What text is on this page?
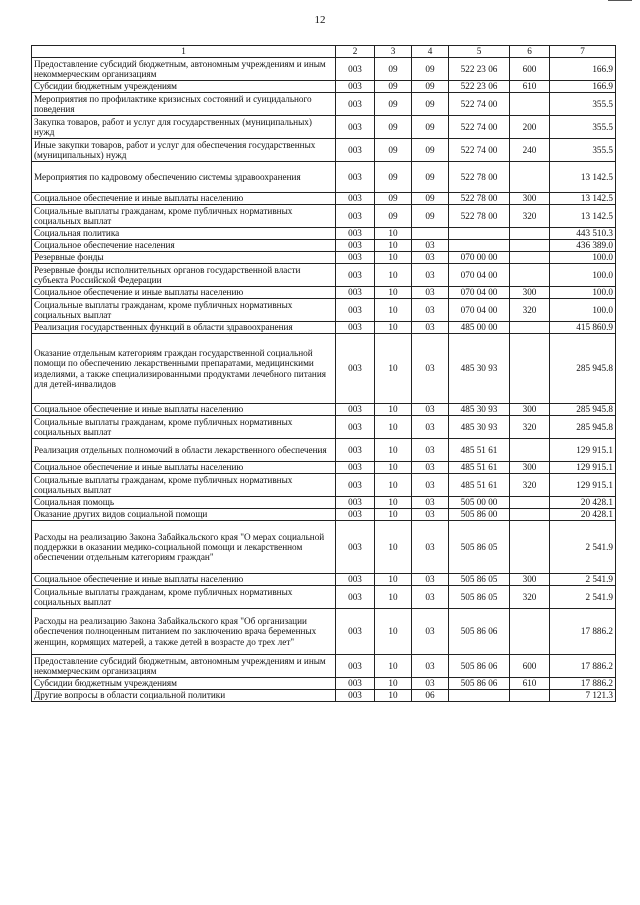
12
1	2	3	4	5	6	7
Предоставление субсидий бюджетным, автономным учреждениям и иным некоммерческим организациям	003	09	09	522 23 06	600	166.9
Субсидии бюджетным учреждениям	003	09	09	522 23 06	610	166.9
Мероприятия по профилактике кризисных состояний и суицидального поведения	003	09	09	522 74 00		355.5
Закупка товаров, работ и услуг для государственных (муниципальных) нужд	003	09	09	522 74 00	200	355.5
Иные закупки товаров, работ и услуг для обеспечения государственных (муниципальных) нужд	003	09	09	522 74 00	240	355.5
Мероприятия по кадровому обеспечению системы здравоохранения	003	09	09	522 78 00		13 142.5
Социальное обеспечение и иные выплаты населению	003	09	09	522 78 00	300	13 142.5
Социальные выплаты гражданам, кроме публичных нормативных социальных выплат	003	09	09	522 78 00	320	13 142.5
Социальная политика	003	10				443 510.3
Социальное обеспечение населения	003	10	03			436 389.0
Резервные фонды	003	10	03	070 00 00		100.0
Резервные фонды исполнительных органов государственной власти субъекта Российской Федерации	003	10	03	070 04 00		100.0
Социальное обеспечение и иные выплаты населению	003	10	03	070 04 00	300	100.0
Социальные выплаты гражданам, кроме публичных нормативных социальных выплат	003	10	03	070 04 00	320	100.0
Реализация государственных функций в области здравоохранения	003	10	03	485 00 00		415 860.9
Оказание отдельным категориям граждан государственной социальной помощи по обеспечению лекарственными препаратами, медицинскими изделиями, а также специализированными продуктами лечебного питания для детей-инвалидов	003	10	03	485 30 93		285 945.8
Социальное обеспечение и иные выплаты населению	003	10	03	485 30 93	300	285 945.8
Социальные выплаты гражданам, кроме публичных нормативных социальных выплат	003	10	03	485 30 93	320	285 945.8
Реализация отдельных полномочий в области лекарственного обеспечения	003	10	03	485 51 61		129 915.1
Социальное обеспечение и иные выплаты населению	003	10	03	485 51 61	300	129 915.1
Социальные выплаты гражданам, кроме публичных нормативных социальных выплат	003	10	03	485 51 61	320	129 915.1
Социальная помощь	003	10	03	505 00 00		20 428.1
Оказание других видов социальной помощи	003	10	03	505 86 00		20 428.1
Расходы на реализацию Закона Забайкальского края "О мерах социальной поддержки в оказании медико-социальной помощи и лекарственном обеспечении отдельным категориям граждан"	003	10	03	505 86 05		2 541.9
Социальное обеспечение и иные выплаты населению	003	10	03	505 86 05	300	2 541.9
Социальные выплаты гражданам, кроме публичных нормативных социальных выплат	003	10	03	505 86 05	320	2 541.9
Расходы на реализацию Закона Забайкальского края "Об организации обеспечения полноценным питанием по заключению врача беременных женщин, кормящих матерей, а также детей в возрасте до трех лет"	003	10	03	505 86 06		17 886.2
Предоставление субсидий бюджетным, автономным учреждениям и иным некоммерческим организациям	003	10	03	505 86 06	600	17 886.2
Субсидии бюджетным учреждениям	003	10	03	505 86 06	610	17 886.2
Другие вопросы в области социальной политики	003	10	06			7 121.3
